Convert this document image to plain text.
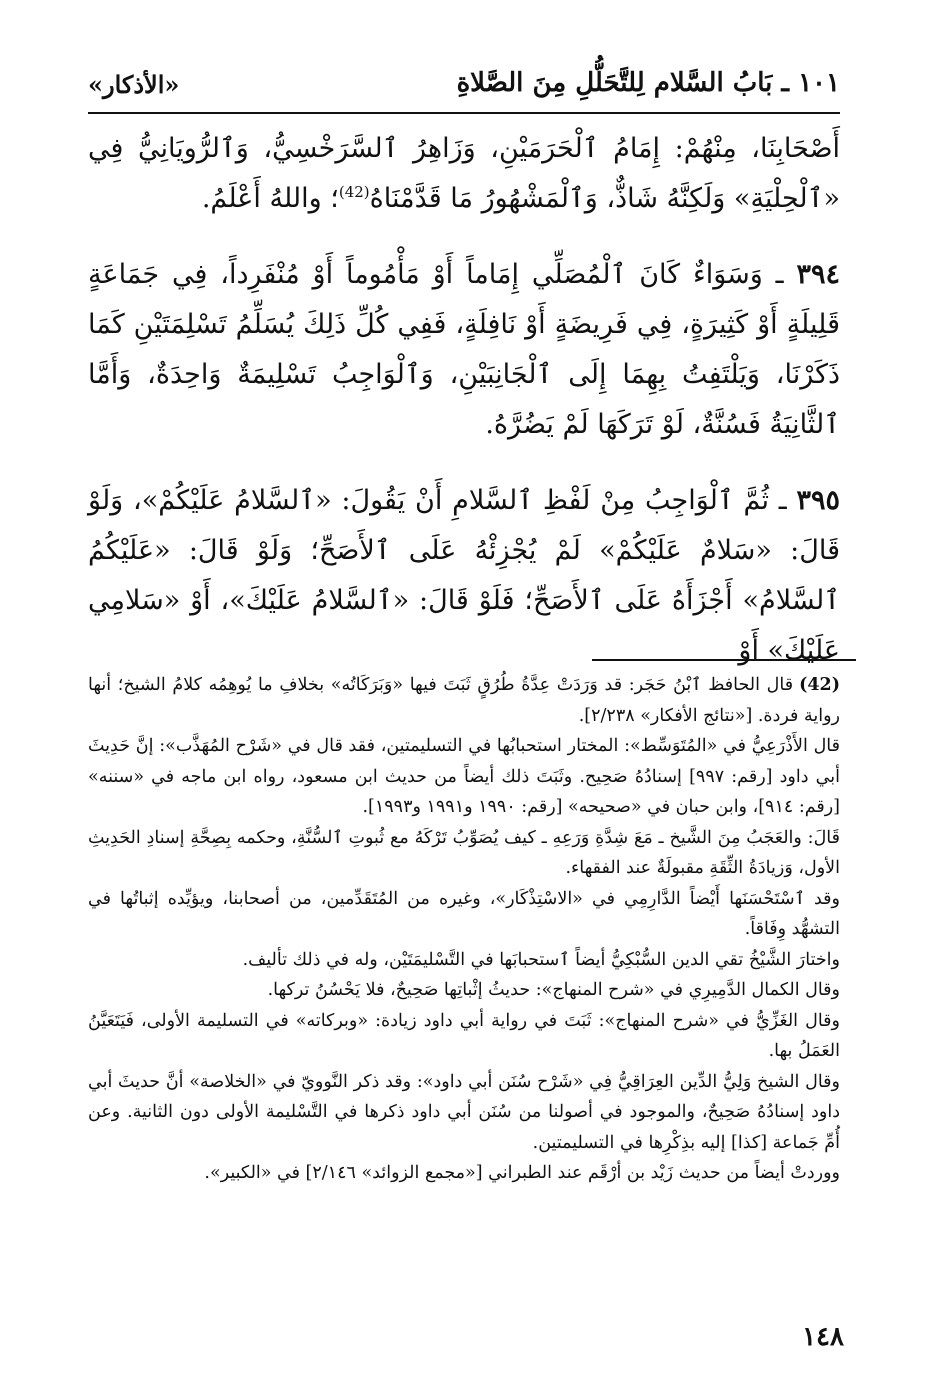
١٠١ ـ بَابُ السَّلام لِلتَّحَلُّلِ مِنَ الصَّلاةِ
«الأذكار»

أَصْحَابِنَا، مِنْهُمْ: إِمَامُ ٱلْحَرَمَيْنِ، وَزَاهِرُ ٱلسَّرَخْسِيُّ، وَٱلرُّويَانِيُّ فِي «ٱلْحِلْيَةِ» وَلَكِنَّهُ شَاذٌّ، وَٱلْمَشْهُورُ مَا قَدَّمْنَاهُ$^{(42)}$؛ واللهُ أَعْلَمُ.

٣٩٤ ـ وَسَوَاءٌ كَانَ ٱلْمُصَلِّي إِمَاماً أَوْ مَأْمُوماً أَوْ مُنْفَرِداً، فِي جَمَاعَةٍ قَلِيلَةٍ أَوْ كَثِيرَةٍ، فِي فَرِيضَةٍ أَوْ نَافِلَةٍ، فَفِي كُلِّ ذَلِكَ يُسَلِّمُ تَسْلِمَتَيْنِ كَمَا ذَكَرْنَا، وَيَلْتَفِتُ بِهِمَا إِلَى ٱلْجَانِبَيْنِ، وَٱلْوَاجِبُ تَسْلِيمَةٌ وَاحِدَةٌ، وَأَمَّا ٱلثَّانِيَةُ فَسُنَّةٌ، لَوْ تَرَكَهَا لَمْ يَضُرَّهُ.

٣٩٥ ـ ثُمَّ ٱلْوَاجِبُ مِنْ لَفْظِ ٱلسَّلامِ أَنْ يَقُولَ: «ٱلسَّلامُ عَلَيْكُمْ»، وَلَوْ قَالَ: «سَلامٌ عَلَيْكُمْ» لَمْ يُجْزِئْهُ عَلَى ٱلأَصَحِّ؛ وَلَوْ قَالَ: «عَلَيْكُمُ ٱلسَّلامُ» أَجْزَأَهُ عَلَى ٱلأَصَحِّ؛ فَلَوْ قَالَ: «ٱلسَّلامُ عَلَيْكَ»، أَوْ «سَلامِي عَلَيْكَ» أَوْ

(42)قال الحافظ ٱبْنُ حَجَر: قد وَرَدَتْ عِدَّةُ طُرُقٍ ثَبَتَ فيها «وَبَرَكَاتُه» بخلافِ ما يُوهِمُه كلامُ الشيخ؛ أنها رواية فردة. [«نتائج الأفكار» ٢/٢٣٨].

قال الأَذْرَعِيُّ في «المُتَوَسِّط»: المختار استحبابُها في التسليمتين، فقد قال في «شَرْح المُهَذَّب»: إنَّ حَدِيثَ أبي داود [رقم: ٩٩٧] إسنادُهُ صَحِيح. وثَبَتَ ذلك أيضاً من حديث ابن مسعود، رواه ابن ماجه في «سننه» [رقم: ٩١٤]، وابن حبان في «صحيحه» [رقم: ١٩٩٠ و١٩٩١ و١٩٩٣].

قَالَ: والعَجَبُ مِنَ الشَّيخ ـ مَعَ شِدَّةِ وَرَعِهِ ـ كيف يُصَوِّبُ تَرْكَهُ مع ثُبوتِ ٱلسُّنَّةِ، وحكمه بِصِحَّةِ إسنادِ الحَدِيثِ الأول، وَزيادَةُ الثِّقَةِ مقبولَةٌ عند الفقهاء.

وقد ٱسْتَحْسَنَها أَيْضاً الدَّارِمِي في «الاسْتِذْكَار»، وغيره من المُتَقَدِّمين، من أصحابنا، ويؤيِّده إثباتُها في التشهُّد وِفَاقاً.

واختارَ الشَّيْخُ تقي الدين السُّبْكِيُّ أيضاً ٱستحبابَها في التَّسْليمَتَيْن، وله في ذلك تأليف.

وقال الكمال الدَّمِيرِي في «شرح المنهاج»: حديثُ إثْباتِها صَحِيحٌ، فلا يَحْسُنُ تركها.

وقال الغَزِّيُّ في «شرح المنهاج»: ثَبَتَ في رواية أبي داود زيادة: «وبركاته» في التسليمة الأولى، فَيَتَعَيَّنُ العَمَلُ بها.

وقال الشيخ وَلِيُّ الدِّين العِرَاقِيُّ فِي «شَرْح سُنَن أبي داود»: وقد ذكر النَّوويّ في «الخلاصة» أنَّ حديثَ أبي داود إسنادُهُ صَحِيحٌ، والموجود في أصولنا من سُنَن أبي داود ذكرها في التَّسْليمة الأولى دون الثانية. وعن أُمِّ جَماعة [كذا] إليه بذِكْرِها في التسليمتين.

ووردتْ أيضاً من حديث زَيْد بن أرْقَم عند الطبراني [«مجمع الزوائد» ٢/١٤٦] في «الكبير».

١٤٨
